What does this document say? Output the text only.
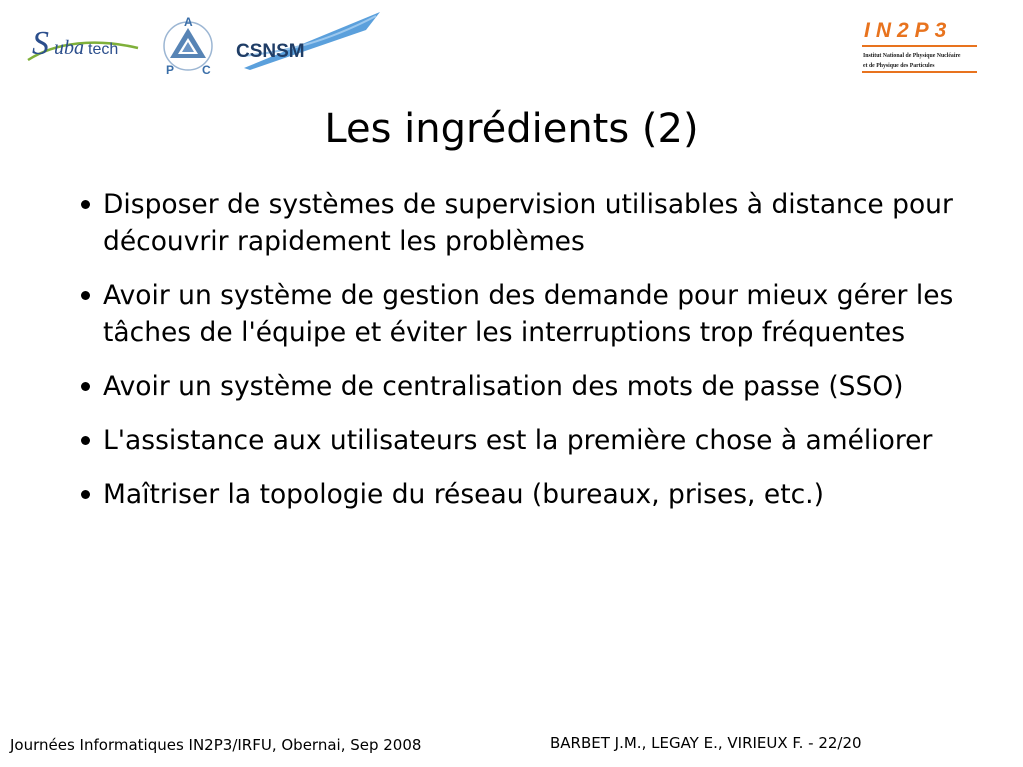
S uba tech
A
P C
CSNSM
IN2P3
Institut National de Physique Nucléaire
et de Physique des Particules
Les ingrédients (2)
Disposer de systèmes de supervision utilisables à distance pour découvrir rapidement les problèmes
Avoir un système de gestion des demande pour mieux gérer les tâches de l'équipe et éviter les interruptions trop fréquentes
Avoir un système de centralisation des mots de passe (SSO)
L'assistance aux utilisateurs est la première chose à améliorer
Maîtriser la topologie du réseau (bureaux, prises, etc.)
Journées Informatiques IN2P3/IRFU, Obernai, Sep 2008	BARBET J.M., LEGAY E., VIRIEUX F. - 22/20
